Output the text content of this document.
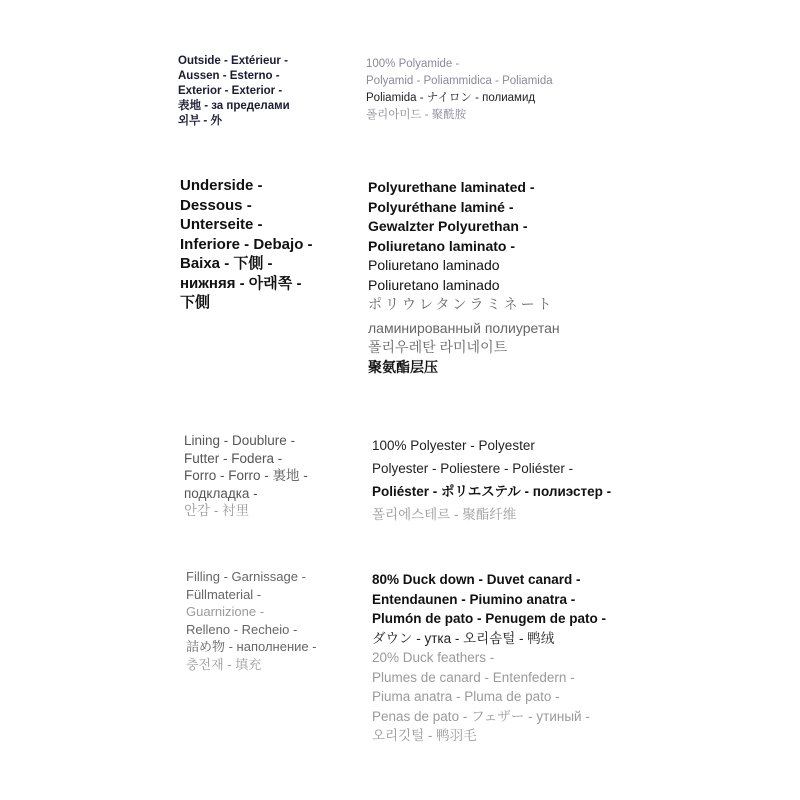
Outside - Extérieur -
Aussen - Esterno -
Exterior - Exterior -
表地 - за пределами
외부 - 外
100% Polyamide -
Polyamid - Poliammidica - Poliamida
Poliamida - ナイロン - полиамид
폴리아미드 - 聚酰胺
Underside -
Dessous -
Unterseite -
Inferiore - Debajo -
Baixa - 下側 -
нижняя - 아래쪽 -
下側
Polyurethane laminated -
Polyuréthane laminé -
Gewalzter Polyurethan -
Poliuretano laminato -
Poliuretano laminado
Poliuretano laminado
ポリウレタンラミネート
ламинированный полиуретан
폴리우레탄 라미네이트
聚氨酯层压
Lining - Doublure -
Futter - Fodera -
Forro - Forro - 裏地 -
подкладка -
안감 - 衬里
100% Polyester - Polyester
Polyester - Poliestere - Poliéster -
Poliéster - ポリエステル - полиэстер -
폴리에스테르 - 聚酯纤维
Filling - Garnissage -
Füllmaterial -
Guarnizione -
Relleno - Recheio -
詰め物 - наполнение -
충전재 - 填充
80% Duck down - Duvet canard -
Entendaunen - Piumino anatra -
Plumón de pato - Penugem de pato -
ダウン - утка - 오리솜털 - 鸭绒
20% Duck feathers -
Plumes de canard - Entenfedern -
Piuma anatra - Pluma de pato -
Penas de pato - フェザー - утиный -
오리깃털 - 鸭羽毛
